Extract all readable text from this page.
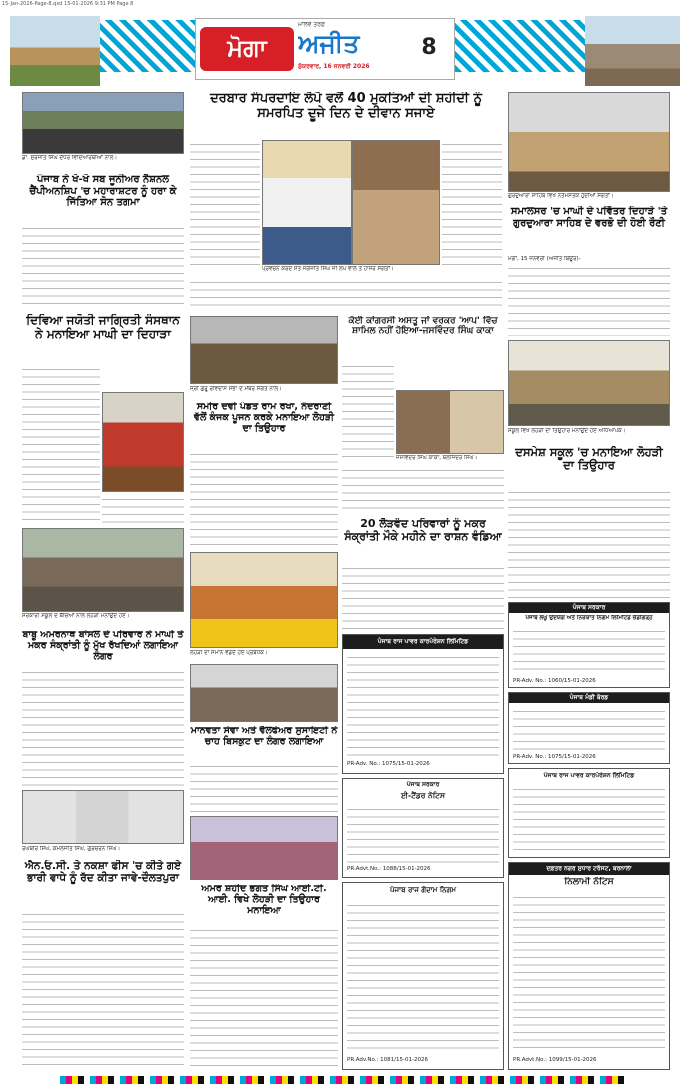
15-Jan-2026-Page-8.qxd 15-01-2026 9:31 PM Page 8
ਮੋਗਾ
ਮਾਲਵੇ ਤਰਫ਼
ਅਜੀਤ
ਸ਼ੁੱਕਰਵਾਰ, 16 ਜਨਵਰੀ 2026
8
ਡਾ. ਸੁਰਜੀਤ ਸਿੰਘ ਦੌਧਰ ਵਿਦਿਆਰਥੀਆਂ ਨਾਲ।
ਪੰਜਾਬ ਨੇ ਖੋ-ਖੋ ਸਬ ਜੂਨੀਅਰ ਨੈਸ਼ਨਲ ਚੈਂਪੀਅਨਸ਼ਿਪ 'ਚ ਮਹਾਰਾਸ਼ਟਰ ਨੂੰ ਹਰਾ ਕੇ ਜਿੱਤਿਆ ਸੋਨ ਤਗਮਾ
ਦਿਵਿਆ ਜਯੋਤੀ ਜਾਗ੍ਰਿਤੀ ਸੰਸਥਾਨ ਨੇ ਮਨਾਇਆ ਮਾਘੀ ਦਾ ਦਿਹਾੜਾ
ਸਰਕਾਰੀ ਸਕੂਲ ਦੇ ਬੱਚਿਆਂ ਨਾਲ ਲੋਹੜੀ ਮਨਾਉਂਦੇ ਹੋਏ।
ਬਾਬੂ ਅਮਰਨਾਥ ਬਾਂਸਲ ਦੇ ਪਰਿਵਾਰ ਨੇ ਮਾਘੀ ਤੇ ਮਕਰ ਸੰਕ੍ਰਾਂਤੀ ਨੂੰ ਮੁੱਖ ਰੱਖਦਿਆਂ ਲਗਾਇਆ ਲੰਗਰ
ਰਘਬੀਰ ਸਿੰਘ, ਕਮਲਜੀਤ ਸਿੰਘ, ਗੁਰਚਰਨ ਸਿੰਘ।
ਐਨ.ਓ.ਸੀ. ਤੇ ਨਕਸ਼ਾ ਫੀਸ 'ਚ ਕੀਤੇ ਗਏ ਭਾਰੀ ਵਾਧੇ ਨੂੰ ਰੱਦ ਕੀਤਾ ਜਾਵੇ-ਦੌਲਤਪੁਰਾ
ਦਰਬਾਰ ਸੰਪਰਦਾਇ ਲੋਪੋ ਵਲੋਂ 40 ਮੁਕਤਿਆਂ ਦੀ ਸ਼ਹੀਦੀ ਨੂੰ ਸਮਰਪਿਤ ਦੂਜੇ ਦਿਨ ਦੇ ਦੀਵਾਨ ਸਜਾਏ
ਪ੍ਰਵਚਨ ਕਰਦੇ ਸੰਤ ਜਗਜੀਤ ਸਿੰਘ ਜੀ ਲੋਪੋ ਵਾਲੇ ਤੇ ਹਾਜ਼ਰ ਸੰਗਤਾਂ।
ਸ੍ਰੀ ਗੁਰੂ ਰਵਿਦਾਸ ਸਭਾ ਦੇ ਮੈਂਬਰ ਸੰਗਤ ਨਾਲ।
ਸਮੀਰ ਦਵੀ ਪੰਡਤ ਰਾਮ ਰਖਾ, ਨੰਦਰਾਣੀ ਵੱਲੋਂ ਕੰਜਕ ਪੂਜਨ ਕਰਕੇ ਮਨਾਇਆ ਲੋਹੜੀ ਦਾ ਤਿਉਹਾਰ
ਲੋਹੜੀ ਦਾ ਸਮਾਨ ਵੰਡਦੇ ਹੋਏ ਪ੍ਰਬੰਧਕ।
ਮਾਨਵਤਾ ਸੇਵਾ ਅਤੇ ਵੈਲਫੇਅਰ ਸੁਸਾਇਟੀ ਨੇ ਚਾਹ ਬਿਸਕੁਟ ਦਾ ਲੰਗਰ ਲਗਾਇਆ
ਅਮਰ ਸ਼ਹੀਦ ਭਗਤ ਸਿੰਘ ਆਈ.ਟੀ. ਆਈ. ਵਿਖੇ ਲੋਹੜੀ ਦਾ ਤਿਉਹਾਰ ਮਨਾਇਆ
ਕੋਈ ਕਾਂਗਰਸੀ ਅਸਤੂ ਜਾਂ ਵਰਕਰ 'ਆਪ' ਵਿੱਚ ਸ਼ਾਮਿਲ ਨਹੀਂ ਹੋਇਆ-ਜਸਵਿੰਦਰ ਸਿੰਘ ਕਾਕਾ
ਜਸਵਿੰਦਰ ਸਿੰਘ ਕਾਕਾ, ਬਲਜਿੰਦਰ ਸਿੰਘ।
20 ਲੋੜਵੰਦ ਪਰਿਵਾਰਾਂ ਨੂੰ ਮਕਰ ਸੰਕ੍ਰਾਂਤੀ ਮੌਕੇ ਮਹੀਨੇ ਦਾ ਰਾਸ਼ਨ ਵੰਡਿਆ
ਪੰਜਾਬ ਰਾਜ ਪਾਵਰ ਕਾਰਪੋਰੇਸ਼ਨ ਲਿਮਿਟਿਡ
PR-Adv. No.: 1075/15-01-2026
ਪੰਜਾਬ ਸਰਕਾਰ
ਈ-ਟੈਂਡਰ ਨੋਟਿਸ
PR.Advt.No.: 1088/15-01-2026
ਪੰਜਾਬ ਰਾਜ ਗੋਦਾਮ ਨਿਗਮ
PR.Adv.No.: 1081/15-01-2026
ਗੁਰਦੁਆਰਾ ਸਾਹਿਬ ਵਿਖੇ ਨਤਮਸਤਕ ਹੁੰਦੀਆਂ ਸੰਗਤਾਂ।
ਸਮਾਲਸਰ 'ਚ ਮਾਘੀ ਦੇ ਪਵਿੱਤਰ ਦਿਹਾੜੇ 'ਤੇ ਗੁਰਦੁਆਰਾ ਸਾਹਿਬ ਦੇ ਵਰਭੋ ਦੀ ਹੋਈ ਰੌਣੀ
ਮੋਗਾ, 15 ਜਨਵਰੀ (ਅਜੀਤ ਬਿਊਰੋ)-
ਸਕੂਲ ਵਿਖੇ ਲੋਹੜੀ ਦਾ ਤਿਉਹਾਰ ਮਨਾਉਂਦੇ ਹੋਏ ਅਧਿਆਪਕ।
ਦਸਮੇਸ਼ ਸਕੂਲ 'ਚ ਮਨਾਇਆ ਲੋਹੜੀ ਦਾ ਤਿਉਹਾਰ
ਪੰਜਾਬ ਸਰਕਾਰ
ਪੰਜਾਬ ਲਘੂ ਉਦਯੋਗ ਅਤੇ ਨਿਰਯਾਤ ਨਿਗਮ ਲਿਮਿਟਿਡ ਚੰਡੀਗੜ੍ਹ
PR-Adv. No.: 1060/15-01-2026
ਪੰਜਾਬ ਮੰਡੀ ਬੋਰਡ
PR-Adv. No.: 1075/15-01-2026
ਪੰਜਾਬ ਰਾਜ ਪਾਵਰ ਕਾਰਪੋਰੇਸ਼ਨ ਲਿਮਿਟਿਡ
ਦਫ਼ਤਰ ਨਗਰ ਸੁਧਾਰ ਟਰੱਸਟ, ਬਰਨਾਲਾ
ਨਿਲਾਮੀ ਨੋਟਿਸ
PR.Advt.No.: 1099/15-01-2026
